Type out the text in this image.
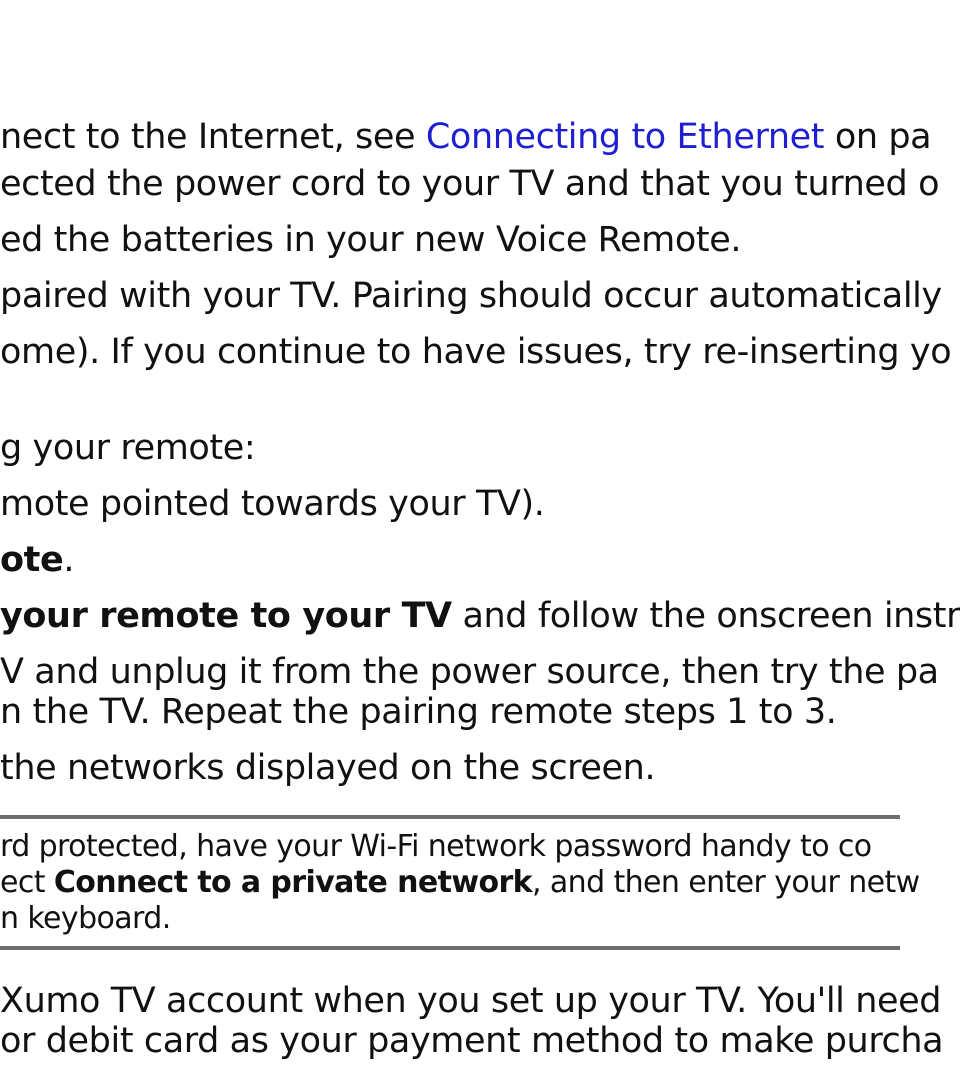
nect to the Internet, see Connecting to Ethernet on pa
ected the power cord to your TV and that you turned o
ed the batteries in your new Voice Remote.
paired with your TV. Pairing should occur automatically
ome). If you continue to have issues, try re-inserting yo
g your remote:
mote pointed towards your TV).
ote.
your remote to your TV and follow the onscreen instr
V and unplug it from the power source, then try the pa
n the TV. Repeat the pairing remote steps 1 to 3.
the networks displayed on the screen.
rd protected, have your Wi-Fi network password handy to co
ect Connect to a private network, and then enter your netw
n keyboard.
Xumo TV account when you set up your TV. You'll need
or debit card as your payment method to make purcha
